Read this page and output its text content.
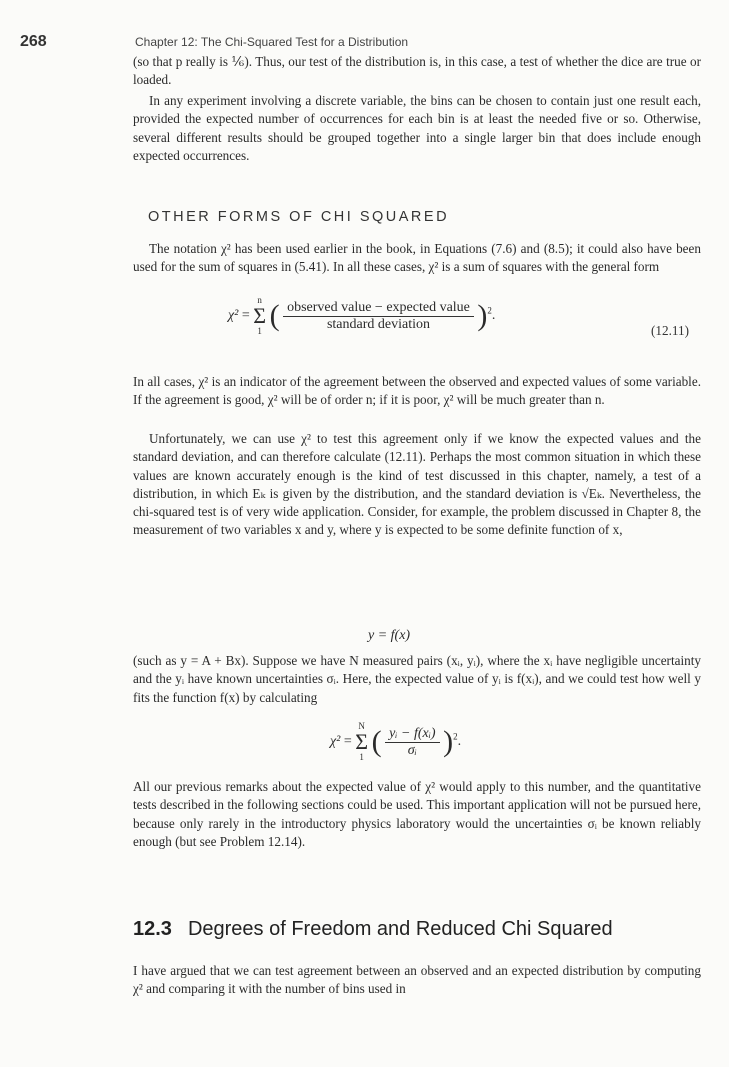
268	Chapter 12: The Chi-Squared Test for a Distribution

(so that p really is ⅙). Thus, our test of the distribution is, in this case, a test of whether the dice are true or loaded.

In any experiment involving a discrete variable, the bins can be chosen to contain just one result each, provided the expected number of occurrences for each bin is at least the needed five or so. Otherwise, several different results should be grouped together into a single larger bin that does include enough expected occurrences.

OTHER FORMS OF CHI SQUARED

The notation χ² has been used earlier in the book, in Equations (7.6) and (8.5); it could also have been used for the sum of squares in (5.41). In all these cases, χ² is a sum of squares with the general form

χ² =
n
Σ
1 ( $\frac{\text{observed value − expected value}}{\text{standard deviation}} )^2$.
(12.11)

In all cases, χ² is an indicator of the agreement between the observed and expected values of some variable. If the agreement is good, χ² will be of order n; if it is poor, χ² will be much greater than n.

Unfortunately, we can use χ² to test this agreement only if we know the expected values and the standard deviation, and can therefore calculate (12.11). Perhaps the most common situation in which these values are known accurately enough is the kind of test discussed in this chapter, namely, a test of a distribution, in which Eₖ is given by the distribution, and the standard deviation is √Eₖ. Nevertheless, the chi-squared test is of very wide application. Consider, for example, the problem discussed in Chapter 8, the measurement of two variables x and y, where y is expected to be some definite function of x,

y = f(x)

(such as y = A + Bx). Suppose we have N measured pairs (xᵢ, yᵢ), where the xᵢ have negligible uncertainty and the yᵢ have known uncertainties σᵢ. Here, the expected value of yᵢ is f(xᵢ), and we could test how well y fits the function f(x) by calculating

χ² =
N
Σ
1 ( $\frac{\text{yᵢ − f(xᵢ)}}{\text{σᵢ}} )^2$.

All our previous remarks about the expected value of χ² would apply to this number, and the quantitative tests described in the following sections could be used. This important application will not be pursued here, because only rarely in the introductory physics laboratory would the uncertainties σᵢ be known reliably enough (but see Problem 12.14).

12.3 Degrees of Freedom and Reduced Chi Squared

I have argued that we can test agreement between an observed and an expected distribution by computing χ² and comparing it with the number of bins used in
